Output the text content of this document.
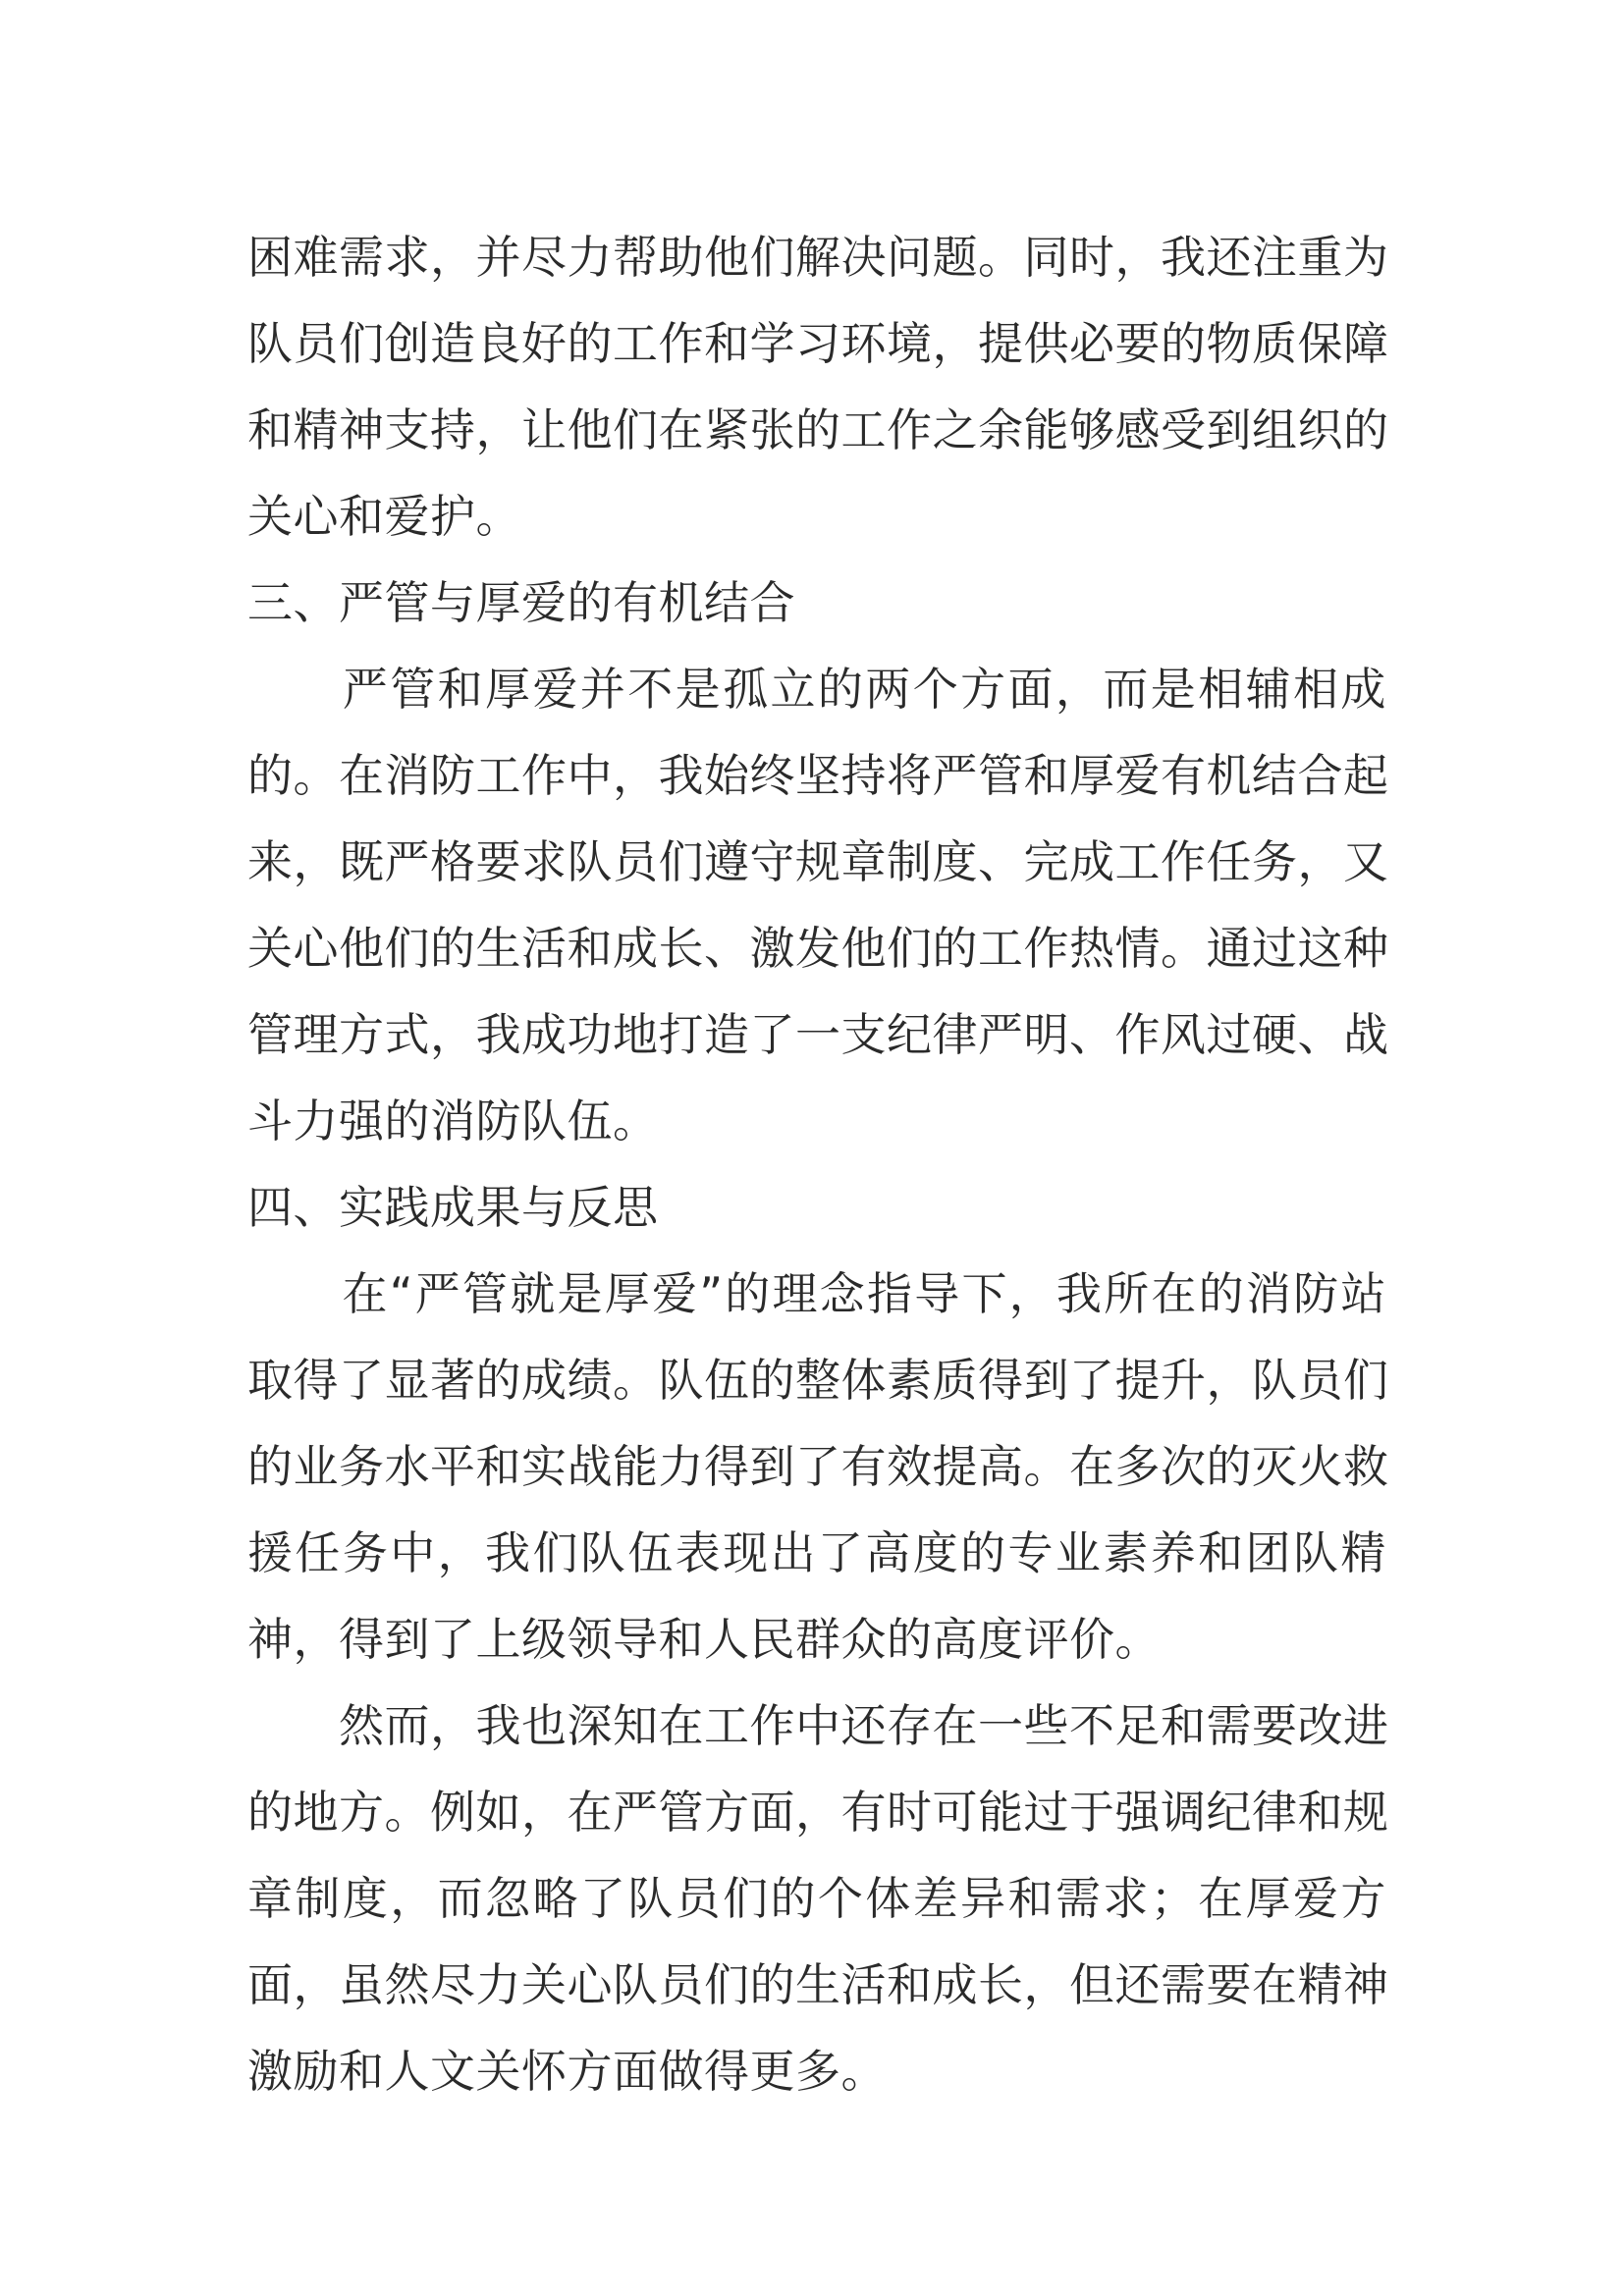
困 难 需 求 ， 并 尽 力 帮 助 他 们 解 决 问 题 。 同 时 ， 我 还 注 重 为
队 员 们 创 造 良 好 的 工 作 和 学 习 环 境 ， 提 供 必 要 的 物 质 保 障
和 精 神 支 持 ， 让 他 们 在 紧 张 的 工 作 之 余 能 够 感 受 到 组 织 的
关心和爱护。
三、严管与厚爱的有机结合

严 管 和 厚 爱 并 不 是 孤 立 的 两 个 方 面 ， 而 是 相 辅 相 成
的 。 在 消 防 工 作 中 ， 我 始 终 坚 持 将 严 管 和 厚 爱 有 机 结 合 起
来 ， 既 严 格 要 求 队 员 们 遵 守 规 章 制 度 、 完 成 工 作 任 务 ， 又
关 心 他 们 的 生 活 和 成 长 、 激 发 他 们 的 工 作 热 情 。 通 过 这 种
管 理 方 式 ， 我 成 功 地 打 造 了 一 支 纪 律 严 明 、 作 风 过 硬 、 战
斗力强的消防队伍。
四、实践成果与反思

在 “ 严 管 就 是 厚 爱 ” 的 理 念 指 导 下 ， 我 所 在 的 消 防 站
取 得 了 显 著 的 成 绩 。 队 伍 的 整 体 素 质 得 到 了 提 升 ， 队 员 们
的 业 务 水 平 和 实 战 能 力 得 到 了 有 效 提 高 。 在 多 次 的 灭 火 救
援 任 务 中 ， 我 们 队 伍 表 现 出 了 高 度 的 专 业 素 养 和 团 队 精
神，得到了上级领导和人民群众的高度评价。

然 而 ， 我 也 深 知 在 工 作 中 还 存 在 一 些 不 足 和 需 要 改 进
的 地 方 。 例 如 ， 在 严 管 方 面 ， 有 时 可 能 过 于 强 调 纪 律 和 规
章 制 度 ， 而 忽 略 了 队 员 们 的 个 体 差 异 和 需 求 ； 在 厚 爱 方
面 ， 虽 然 尽 力 关 心 队 员 们 的 生 活 和 成 长 ， 但 还 需 要 在 精 神
激励和人文关怀方面做得更多。
